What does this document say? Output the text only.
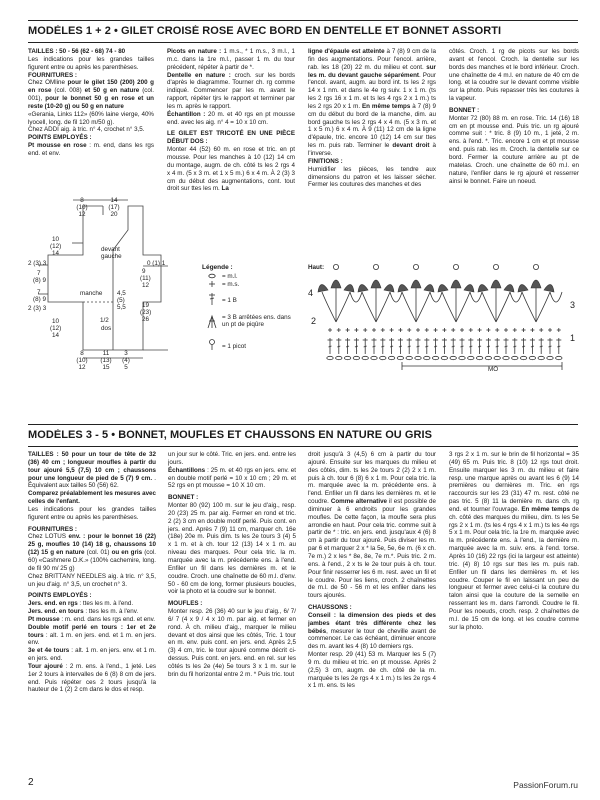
MODÈLES 1 + 2 • GILET CROISÉ ROSE AVEC BORD EN DENTELLE ET BONNET ASSORTI

TAILLES : 50 - 56 (62 - 68) 74 - 80

Les indications pour les grandes tailles figurent entre ou après les parenthèses.

FOURNITURES :

Chez OMline pour le gilet 150 (200) 200 g en rose (col. 008) et 50 g en nature (col. 001), pour le bonnet 50 g en rose et un reste (10-20 g) ou 50 g en nature

«Gerania, Links 112» (60% laine vierge, 40% lyocell, long. de fil 120 m/50 g).

Chez ADDI aig. à tric. n° 4, crochet n° 3,5.

POINTS EMPLOYÉS :

Pt mousse en rose : m. end, dans les rgs end. et env.

Picots en nature : 1 m.s., * 1 m.s., 3 m.l., 1 m.c. dans la 1re m.l., passer 1 m. du tour précédent, répéter à partir de *.

Dentelle en nature : croch. sur les bords d'après le diagramme. Tourner ch. rg comme indiqué. Commencer par les m. avant le rapport, répéter tjrs le rapport et terminer par les m. après le rapport.

Échantillon : 20 m. et 40 rgs en pt mousse end. avec les aig. n° 4 = 10 x 10 cm.

LE GILET EST TRICOTÉ EN UNE PIÈCE DÉBUT DOS :

Monter 44 (52) 60 m. en rose et tric. en pt mousse. Pour les manches à 10 (12) 14 cm du montage, augm. de ch. côté ts les 2 rgs 4 x 4 m. (5 x 3 m. et 1 x 5 m.) 6 x 4 m. À 2 (3) 3 cm du début des augmentations, cont. tout droit sur ttes les m. La

ligne d'épaule est atteinte à 7 (8) 9 cm de la fin des augmentations. Pour l'encol. arrière, rab. les 18 (20) 22 m. du milieu et cont. sur les m. du devant gauche séparément. Pour l'encol. avant, augm. au bord int. ts les 2 rgs 14 x 1 nm. et dans le 4e rg suiv. 1 x 1 m. (ts les 2 rgs 16 x 1 m. et ts les 4 rgs 2 x 1 m.) ts les 2 rgs 20 x 1 m. En même temps à 7 (8) 9 cm du début du bord de la manche, dim. au bord gauche ts les 2 rgs 4 x 4 m. (5 x 3 m. et 1 x 5 m.) 6 x 4 m. À 9 (11) 12 cm de la ligne d'épaule, tric. encore 10 (12) 14 cm sur ttes les m. puis rab. Terminer le devant droit à l'inverse.

FINITIONS :

Humidifier les pièces, les tendre aux dimensions du patron et les laisser sécher. Fermer les coutures des manches et des

côtés. Croch. 1 rg de picots sur les bords avant et l'encol. Croch. la dentelle sur les bords des manches et le bord inférieur. Croch. une chaînette de 4 m.l. en nature de 40 cm de long. et la coudre sur le devant comme visible sur la photo. Puis repasser très les coutures à la vapeur.

BONNET :

Monter 72 (80) 88 m. en rose. Tric. 14 (16) 18 cm en pt mousse end. Puis tric. un rg ajouré comme suit : * tric. 8 (9) 10 m., 1 jeté, 2 m. ens. à l'end. *. Tric. encore 1 cm et pt mousse end. puis rab. les m. Croch. la dentelle sur ce bord. Fermer la couture arrière au pt de matelas. Croch. une chaînette de 60 m.l. en nature, l'enfiler dans le rg ajouré et resserrer ainsi le bonnet. Faire un noeud.

8
(10)
12
14
(17)
20
10
(12)
14
2 (3) 3
7
(8) 9
7
(8) 9
2 (3) 3
10
(12)
14
0 (1) 1
9
(11)
12
19
(23)
26
devant
gauche
manche
dos
1/2
4,5
(5)
5,5
8
(10)
12
11
(13)
15
3
(4)
5
Légende :
= m.l.
= m.s.
= 1 B
= 3 B arrêtées ens. dans un pt de piqûre
= 1 picot
Haut:
4
2
3
1
MO
MODÈLES 3 - 5 • BONNET, MOUFLES ET CHAUSSONS EN NATURE OU GRIS

TAILLES : 50 pour un tour de tête de 32 (36) 40 cm ; longueur moufles à partir du tour ajouré 5,5 (7,5) 10 cm ; chaussons pour une longueur de pied de 5 (7) 9 cm. . Équivalent aux tailles 50 (56) 62.

Comparez préalablement les mesures avec celles de l'enfant.

Les indications pour les grandes tailles figurent entre ou après les parenthèses.

FOURNITURES :

Chez LOTUS env. : pour le bonnet 16 (22) 25 g, moufles 10 (14) 18 g, chaussons 10 (12) 15 g en nature (col. 01) ou en gris (col. 60) «Cashmere D.K.» (100% cachemire, long. de fil 90 m/ 25 g)

Chez BRITTANY NEEDLES aig. à tric. n° 3,5, un jeu d'aig. n° 3,5, un crochet n° 3.

POINTS EMPLOYÉS :

Jers. end. en rgs : ttes les m. à l'end.

Jers. end. en tours : ttes les m. à l'env.

Pt mousse : m. end. dans les rgs end. et env.

Double motif perlé en tours : 1er et 2e tours : alt. 1 m. en jers. end. et 1 m. en jers. env.

3e et 4e tours : alt. 1 m. en jers. env. et 1 m. en jers. end.

Tour ajouré : 2 m. ens. à l'end., 1 jeté. Les 1er 2 tours à intervalles de 6 (8) 8 cm de jers. end. Puis répéter ces 2 tours jusqu'à la hauteur de 1 (2) 2 cm dans le dos et resp.

un jour sur le côté. Tric. en jers. end. entre les jours.

Échantillons : 25 m. et 40 rgs en jers. env. et en double motif perlé = 10 x 10 cm ; 29 m. et 52 rgs en pt mousse = 10 X 10 cm.

BONNET :

Monter 80 (92) 100 m. sur le jeu d'aig., resp. 20 (23) 25 m. par aig. Fermer en rond et tric. 2 (2) 3 cm en double motif perlé. Puis cont. en jers. end. Après 7 (9) 11 cm, marquer ch. 16e (18e) 20e m. Puis dim. ts les 2e tours 3 (4) 5 x 1 m. et à ch. tour 12 (13) 14 x 1 m. au niveau des marques. Pour cela tric. la m. marquée avec la m. précédente ens. à l'end. Enfiler un fil dans les dernières m. et le coudre. Croch. une chaînette de 60 m.l. d'env. 50 - 60 cm de long, former plusieurs boucles, voir la photo et la coudre sur le bonnet.

MOUFLES :

Monter resp. 26 (36) 40 sur le jeu d'aig., 6/ 7/ 6/ 7 (4 x 9 / 4 x 10 m. par aig. et fermer en rond. À ch. milieu d'aig., marquer le milieu devant et dos ainsi que les côtés, Tric. 1 tour en m. env. puis cont. en jers. end. Après 2,5 (3) 4 cm, tric. le tour ajouré comme décrit ci-dessus. Puis cont. en jers. end. en rel. sur les côtés ts les 2e (4e) 5e tours 3 x 1 m. sur le brin du fil horizontal entre 2 m. * Puis tric. tout

droit jusqu'à 3 (4,5) 6 cm à partir du tour ajouré. Ensuite sur les marques du milieu et des côtés, dim. ts les 2e tours 2 (2) 2 x 1 m. puis à ch. tour 6 (8) 6 x 1 m. Pour cela tric. la m. marquée avec la m. précédente ens. à l'end. Enfiler un fil dans les dernières m. et le coudre. Comme alternative il est possible de diminuer à 6 endroits pour les grandes moufles. De cette façon, la moufle sera plus arrondie en haut. Pour cela tric. comme suit à partir de * : tric. en jers. end. jusqu'aux 4 (6) 8 cm à partir du tour ajouré. Puis diviser les m. par 6 et marquer 2 x * la 5e, 5e, 6e m. (6 x ch. 7e m.) 2 x les * 8e, 8e, 7e m.*. Puis tric. 2 m. ens. à l'end., 2 x ts le 2e tour puis à ch. tour. Pour finir resserrer les 6 m. rest. avec un fil et le coudre. Pour les liens, croch. 2 chaînettes de m.l. de 50 - 56 m et les enfiler dans les tours ajourés.

CHAUSSONS :

Conseil : la dimension des pieds et des jambes étant très différente chez les bébés, mesurer le tour de cheville avant de commencer. Le cas échéant, diminuer encore des m. avant les 4 (8) 10 derniers rgs.

Monter resp. 29 (41) 53 m. Marquer les 5 (7) 9 m. du milieu et tric. en pt mousse. Après 2 (2,5) 3 cm, augm. de ch. côté de la m. marquée ts les 2e rgs 4 x 1 m.) ts les 2e rgs 4 x 1 m. ens. ts les

3 rgs 2 x 1 m. sur le brin de fil horizontal = 35 (49) 65 m. Puis tric. 8 (10) 12 rgs tout droit. Ensuite marquer les 3 m. du milieu et faire resp. une marque après ou avant les 6 (9) 14 premières ou dernières m. Tric. en rgs raccourcis sur les 23 (31) 47 m. rest. côté ne pas tric. 5 (8) 11 la dernière m. dans ch. rg end. et tourner l'ouvrage. En même temps de ch. côté des marques du milieu, dim. ts les 5e rgs 2 x 1 m. (ts les 4 rgs 4 x 1 m.) ts les 4e rgs 5 x 1 m. Pour cela tric. la 1re m. marquée avec la m. précédente ens. à l'end., la dernière m. marquée avec la m. suiv. ens. à l'end. torse. Après 10 (16) 22 rgs (ici la largeur est atteinte) tric. (4) 8) 10 rgs sur ttes les m. puis rab. Enfiler un fil dans les dernières m. et les coudre. Couper le fil en laissant un peu de longueur et fermer avec celui-ci la couture du talon ainsi que la couture de la semelle en resserrant les m. dans l'arrondi. Coudre le fil. Pour les noeuds, croch. resp. 2 chaînettes de m.l. de 15 cm de long. et les coudre comme sur la photo.

2	PassionForum.ru
